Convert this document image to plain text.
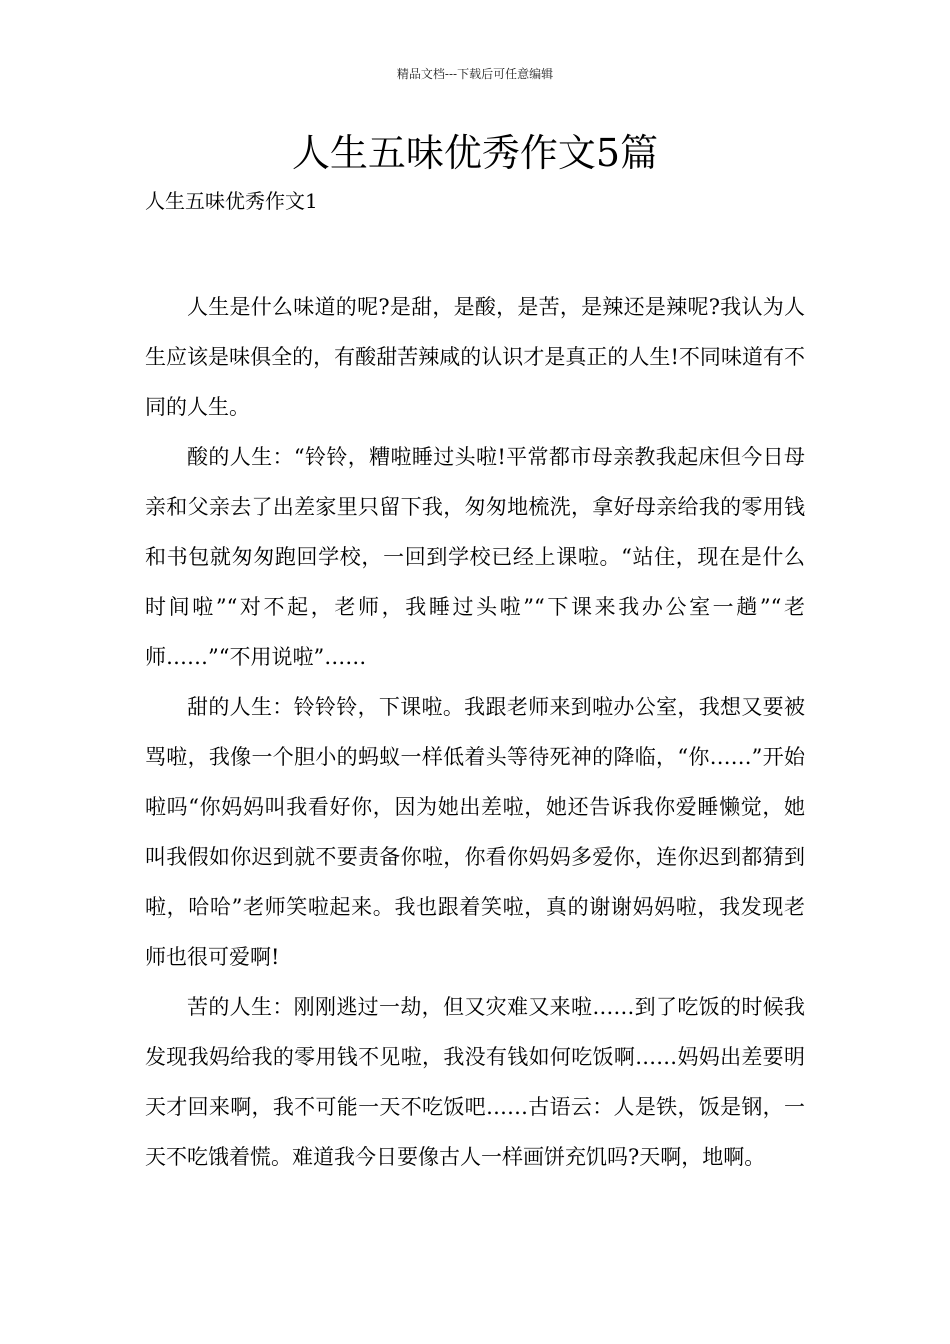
精品文档---下载后可任意编辑
人生五味优秀作文5篇
人生五味优秀作文1

人生是什么味道的呢?是甜，是酸，是苦，是辣还是辣呢?我认为人生应该是味俱全的，有酸甜苦辣咸的认识才是真正的人生!不同味道有不同的人生。

酸的人生：“铃铃，糟啦睡过头啦!平常都市母亲教我起床但今日母亲和父亲去了出差家里只留下我，匆匆地梳洗，拿好母亲给我的零用钱和书包就匆匆跑回学校，一回到学校已经上课啦。“站住，现在是什么时间啦”“对不起，老师，我睡过头啦”“下课来我办公室一趟”“老师……”“不用说啦”……

甜的人生：铃铃铃，下课啦。我跟老师来到啦办公室，我想又要被骂啦，我像一个胆小的蚂蚁一样低着头等待死神的降临，“你……”开始啦吗“你妈妈叫我看好你，因为她出差啦，她还告诉我你爱睡懒觉，她叫我假如你迟到就不要责备你啦，你看你妈妈多爱你，连你迟到都猜到啦，哈哈”老师笑啦起来。我也跟着笑啦，真的谢谢妈妈啦，我发现老师也很可爱啊!

苦的人生：刚刚逃过一劫，但又灾难又来啦……到了吃饭的时候我发现我妈给我的零用钱不见啦，我没有钱如何吃饭啊……妈妈出差要明天才回来啊，我不可能一天不吃饭吧……古语云：人是铁，饭是钢，一天不吃饿着慌。难道我今日要像古人一样画饼充饥吗?天啊，地啊。
